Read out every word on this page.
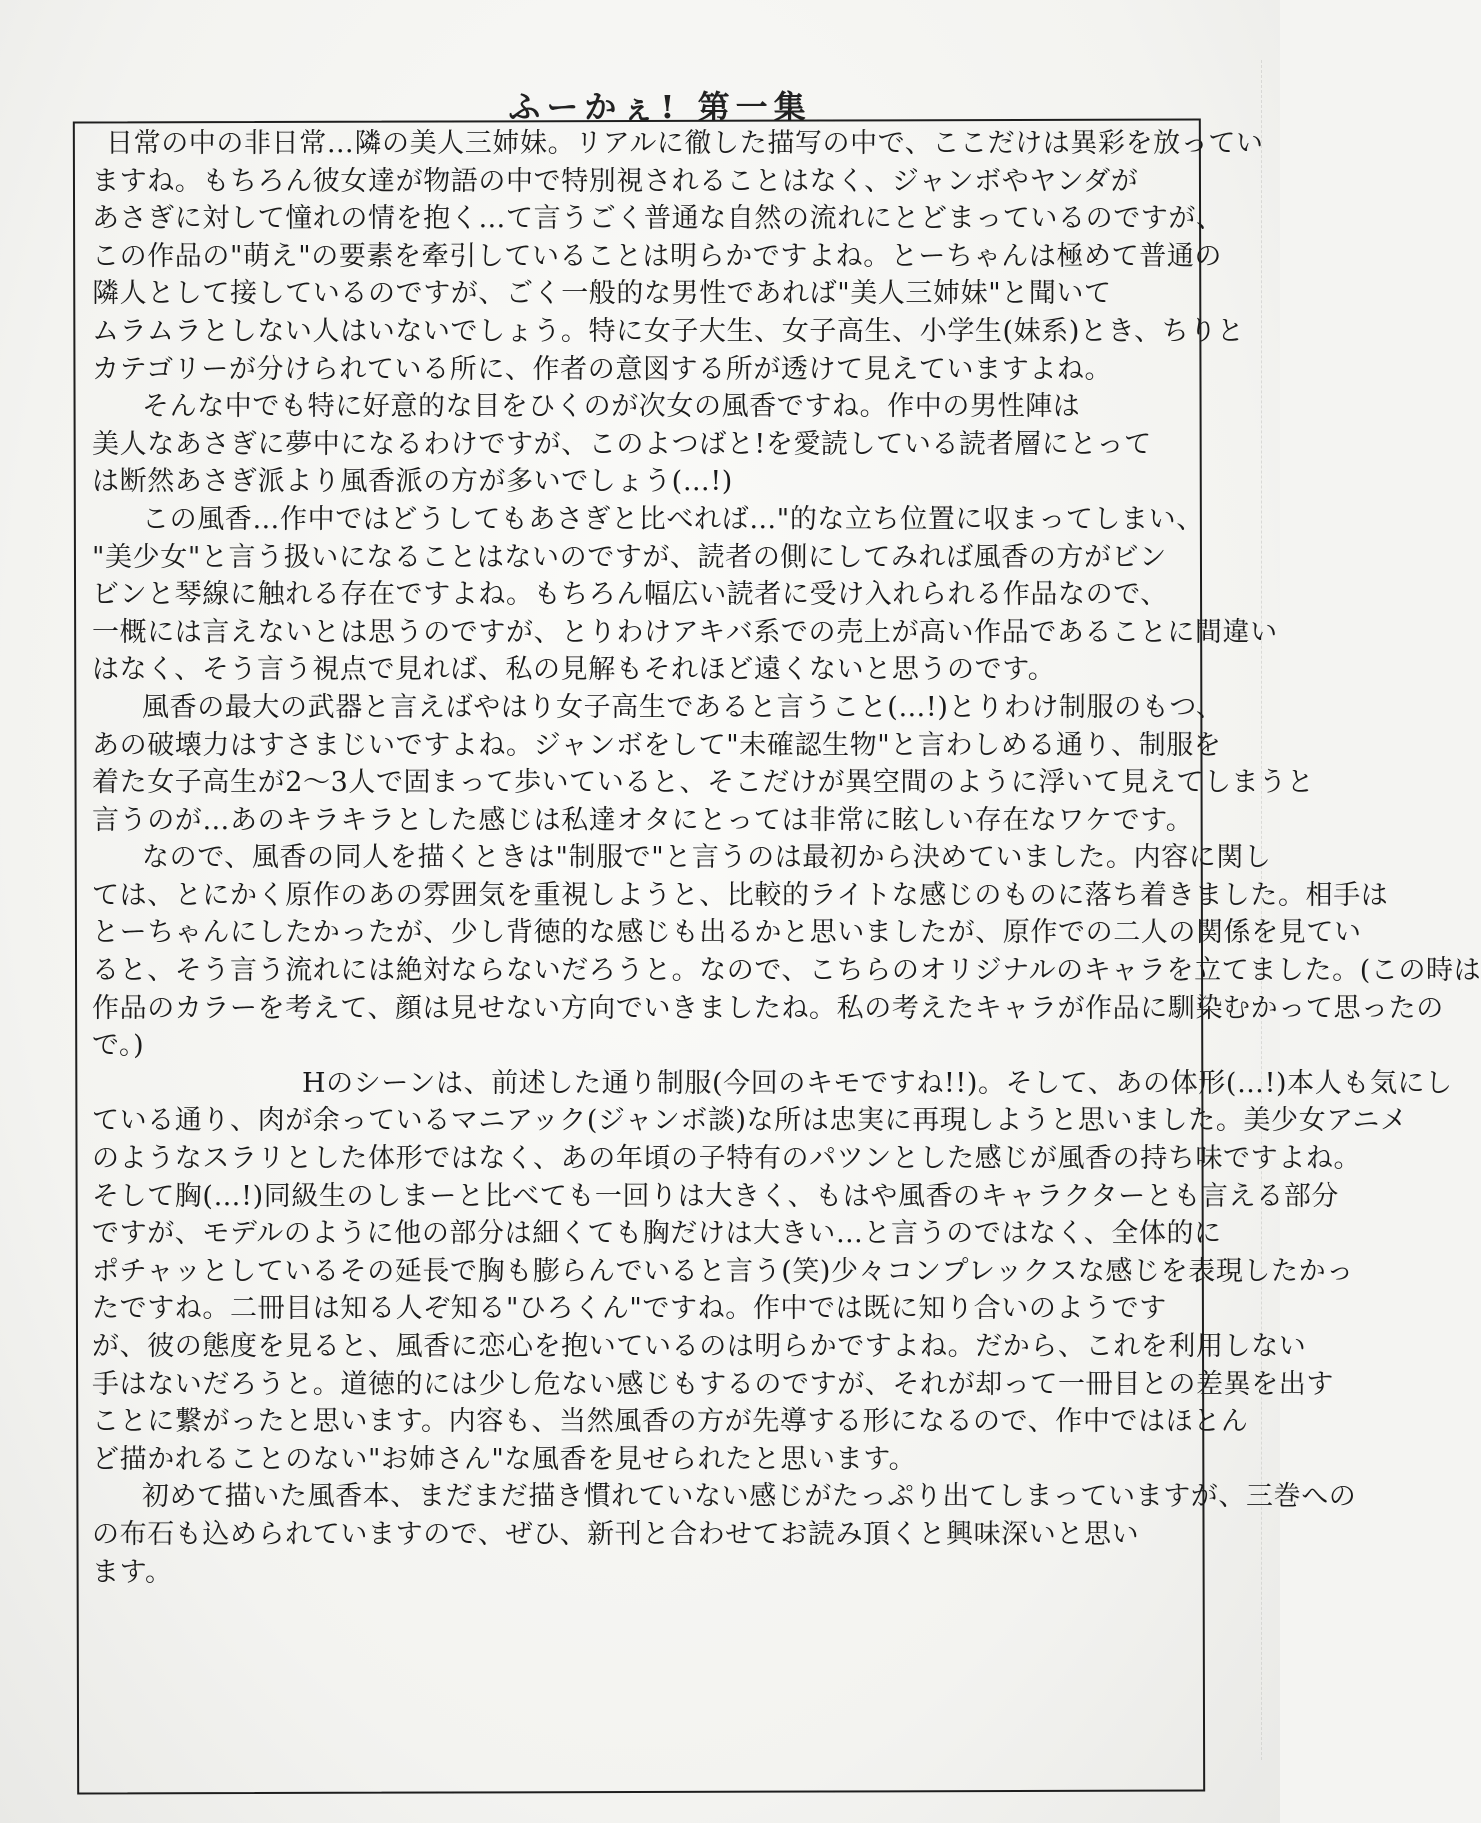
ふーかぇ! 第一集
日常の中の非日常…隣の美人三姉妹。リアルに徹した描写の中で、ここだけは異彩を放ってい
ますね。もちろん彼女達が物語の中で特別視されることはなく、ジャンボやヤンダが
あさぎに対して憧れの情を抱く…て言うごく普通な自然の流れにとどまっているのですが、
この作品の"萌え"の要素を牽引していることは明らかですよね。とーちゃんは極めて普通の
隣人として接しているのですが、ごく一般的な男性であれば"美人三姉妹"と聞いて
ムラムラとしない人はいないでしょう。特に女子大生、女子高生、小学生(妹系)とき、ちりと
カテゴリーが分けられている所に、作者の意図する所が透けて見えていますよね。
そんな中でも特に好意的な目をひくのが次女の風香ですね。作中の男性陣は
美人なあさぎに夢中になるわけですが、このよつばと!を愛読している読者層にとって
は断然あさぎ派より風香派の方が多いでしょう(…!)
この風香…作中ではどうしてもあさぎと比べれば…"的な立ち位置に収まってしまい、
"美少女"と言う扱いになることはないのですが、読者の側にしてみれば風香の方がビン
ビンと琴線に触れる存在ですよね。もちろん幅広い読者に受け入れられる作品なので、
一概には言えないとは思うのですが、とりわけアキバ系での売上が高い作品であることに間違い
はなく、そう言う視点で見れば、私の見解もそれほど遠くないと思うのです。
風香の最大の武器と言えばやはり女子高生であると言うこと(…!)とりわけ制服のもつ、
あの破壊力はすさまじいですよね。ジャンボをして"未確認生物"と言わしめる通り、制服を
着た女子高生が2〜3人で固まって歩いていると、そこだけが異空間のように浮いて見えてしまうと
言うのが…あのキラキラとした感じは私達オタにとっては非常に眩しい存在なワケです。
なので、風香の同人を描くときは"制服で"と言うのは最初から決めていました。内容に関し
ては、とにかく原作のあの雰囲気を重視しようと、比較的ライトな感じのものに落ち着きました。相手は
とーちゃんにしたかったが、少し背徳的な感じも出るかと思いましたが、原作での二人の関係を見てい
ると、そう言う流れには絶対ならないだろうと。なので、こちらのオリジナルのキャラを立てました。(この時は
作品のカラーを考えて、顔は見せない方向でいきましたね。私の考えたキャラが作品に馴染むかって思ったの
で。)
Hのシーンは、前述した通り制服(今回のキモですね!!)。そして、あの体形(…!)本人も気にし
ている通り、肉が余っているマニアック(ジャンボ談)な所は忠実に再現しようと思いました。美少女アニメ
のようなスラリとした体形ではなく、あの年頃の子特有のパツンとした感じが風香の持ち味ですよね。
そして胸(…!)同級生のしまーと比べても一回りは大きく、もはや風香のキャラクターとも言える部分
ですが、モデルのように他の部分は細くても胸だけは大きい…と言うのではなく、全体的に
ポチャッとしているその延長で胸も膨らんでいると言う(笑)少々コンプレックスな感じを表現したかっ
たですね。二冊目は知る人ぞ知る"ひろくん"ですね。作中では既に知り合いのようです
が、彼の態度を見ると、風香に恋心を抱いているのは明らかですよね。だから、これを利用しない
手はないだろうと。道徳的には少し危ない感じもするのですが、それが却って一冊目との差異を出す
ことに繋がったと思います。内容も、当然風香の方が先導する形になるので、作中ではほとん
ど描かれることのない"お姉さん"な風香を見せられたと思います。
初めて描いた風香本、まだまだ描き慣れていない感じがたっぷり出てしまっていますが、三巻への
の布石も込められていますので、ぜひ、新刊と合わせてお読み頂くと興味深いと思い
ます。
